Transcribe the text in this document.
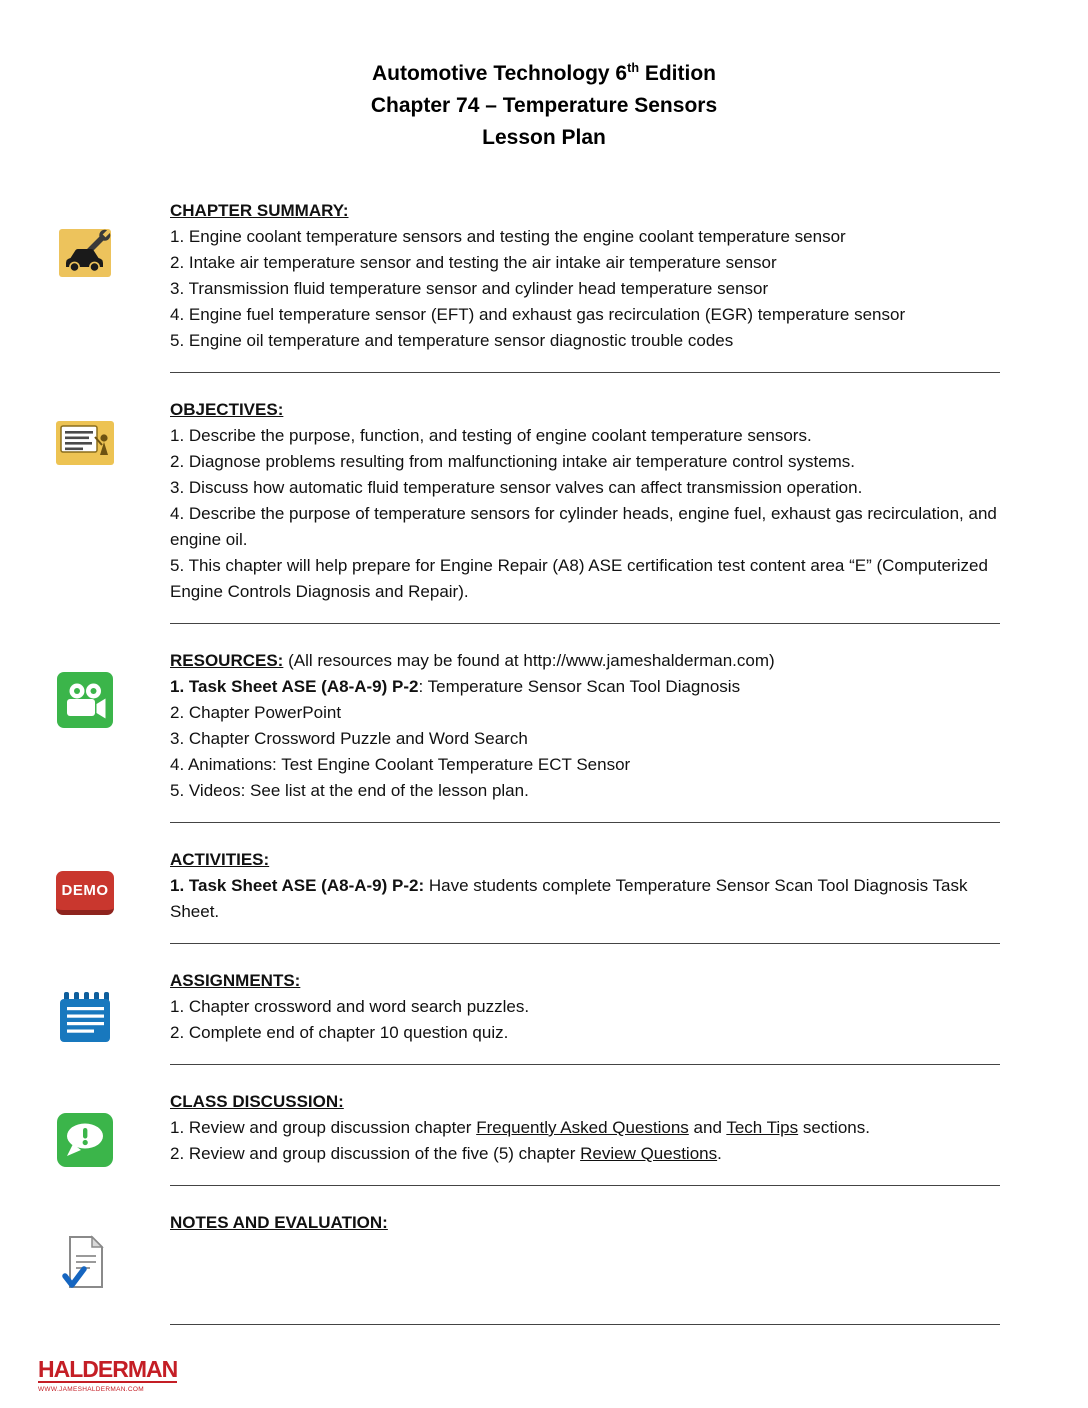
Automotive Technology 6th Edition
Chapter 74 – Temperature Sensors
Lesson Plan
CHAPTER SUMMARY:
1. Engine coolant temperature sensors and testing the engine coolant temperature sensor
2. Intake air temperature sensor and testing the air intake air temperature sensor
3. Transmission fluid temperature sensor and cylinder head temperature sensor
4. Engine fuel temperature sensor (EFT) and exhaust gas recirculation (EGR) temperature sensor
5. Engine oil temperature and temperature sensor diagnostic trouble codes
OBJECTIVES:
1. Describe the purpose, function, and testing of engine coolant temperature sensors.
2. Diagnose problems resulting from malfunctioning intake air temperature control systems.
3. Discuss how automatic fluid temperature sensor valves can affect transmission operation.
4. Describe the purpose of temperature sensors for cylinder heads, engine fuel, exhaust gas recirculation, and engine oil.
5. This chapter will help prepare for Engine Repair (A8) ASE certification test content area “E” (Computerized Engine Controls Diagnosis and Repair).
RESOURCES: (All resources may be found at http://www.jameshalderman.com)
1. Task Sheet ASE (A8-A-9) P-2: Temperature Sensor Scan Tool Diagnosis
2. Chapter PowerPoint
3. Chapter Crossword Puzzle and Word Search
4. Animations: Test Engine Coolant Temperature ECT Sensor
5. Videos: See list at the end of the lesson plan.
DEMO
ACTIVITIES:
1. Task Sheet ASE (A8-A-9) P-2: Have students complete Temperature Sensor Scan Tool Diagnosis Task Sheet.
ASSIGNMENTS:
1. Chapter crossword and word search puzzles.
2. Complete end of chapter 10 question quiz.
CLASS DISCUSSION:
1. Review and group discussion chapter Frequently Asked Questions and Tech Tips sections.
2. Review and group discussion of the five (5) chapter Review Questions.
NOTES AND EVALUATION:
HALDERMAN
WWW.JAMESHALDERMAN.COM
